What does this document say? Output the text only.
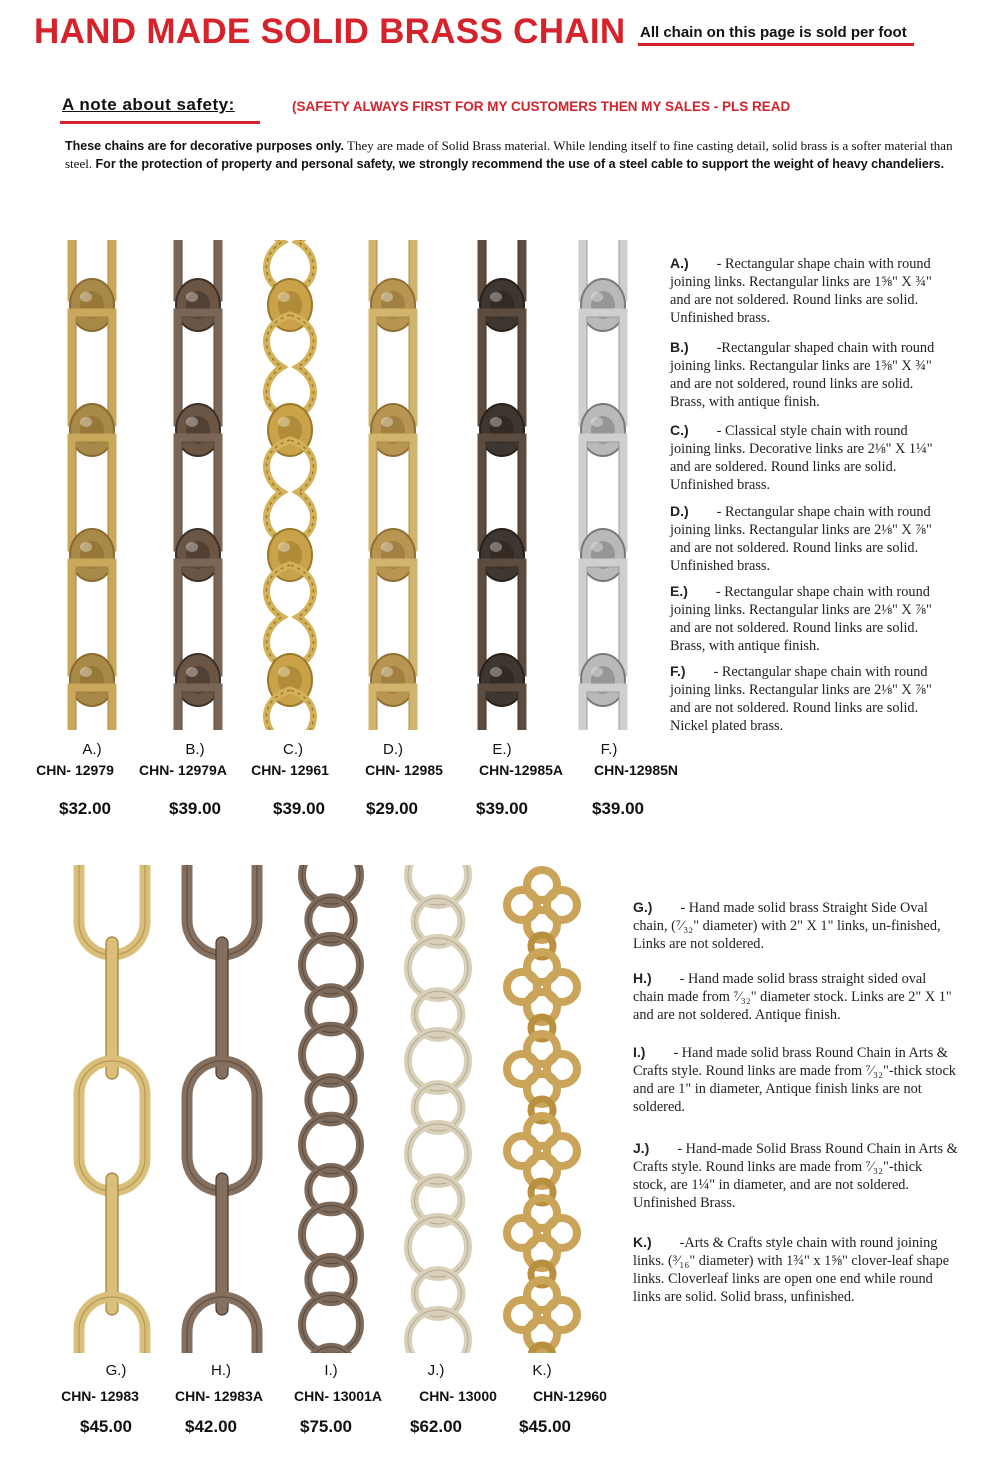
HAND MADE SOLID BRASS CHAIN All chain on this page is sold per foot
A note about safety:	(SAFETY ALWAYS FIRST FOR MY CUSTOMERS THEN MY SALES - PLS READ
These chains are for decorative purposes only. They are made of Solid Brass material. While lending itself to fine casting detail, solid brass is a softer material than steel. For the protection of property and personal safety, we strongly recommend the use of a steel cable to support the weight of heavy chandeliers.
A.)	B.)	C.)	D.)	E.)	F.)
CHN- 12979 CHN- 12979A CHN- 12961	CHN- 12985	CHN-12985A CHN-12985N
$32.00	$39.00	$39.00 $29.00	$39.00	$39.00
A.) - Rectangular shape chain with round joining links. Rectangular links are 1⅝" X ¾" and are not soldered. Round links are solid. Unfinished brass.
B.) -Rectangular shaped chain with round joining links. Rectangular links are 1⅝" X ¾" and are not soldered, round links are solid. Brass, with antique finish.
C.) - Classical style chain with round joining links. Decorative links are 2⅛" X 1¼" and are soldered. Round links are solid. Unfinished brass.
D.) - Rectangular shape chain with round joining links. Rectangular links are 2⅛" X ⅞" and are not soldered. Round links are solid. Unfinished brass.
E.) - Rectangular shape chain with round joining links. Rectangular links are 2⅛" X ⅞" and are not soldered. Round links are solid. Brass, with antique finish.
F.) - Rectangular shape chain with round joining links. Rectangular links are 2⅛" X ⅞" and are not soldered. Round links are solid. Nickel plated brass.
G.)	H.)	I.)	J.)	K.)
CHN- 12983	CHN- 12983A CHN- 13001A	CHN- 13000	CHN-12960
$45.00	$42.00	$75.00	$62.00	$45.00
G.) - Hand made solid brass Straight Side Oval chain, (⁷⁄₃₂" diameter) with 2" X 1" links, un-finished, Links are not soldered.
H.) - Hand made solid brass straight sided oval chain made from ⁷⁄₃₂" diameter stock. Links are 2" X 1" and are not soldered. Antique finish.
I.) - Hand made solid brass Round Chain in Arts & Crafts style. Round links are made from ⁷⁄₃₂"-thick stock and are 1" in diameter, Antique finish links are not soldered.
J.) - Hand-made Solid Brass Round Chain in Arts & Crafts style. Round links are made from ⁷⁄₃₂"-thick stock, are 1¼" in diameter, and are not soldered. Unfinished Brass.
K.) -Arts & Crafts style chain with round joining links. (³⁄₁₆" diameter) with 1¾" x 1⅝" clover-leaf shape links. Cloverleaf links are open one end while round links are solid. Solid brass, unfinished.
